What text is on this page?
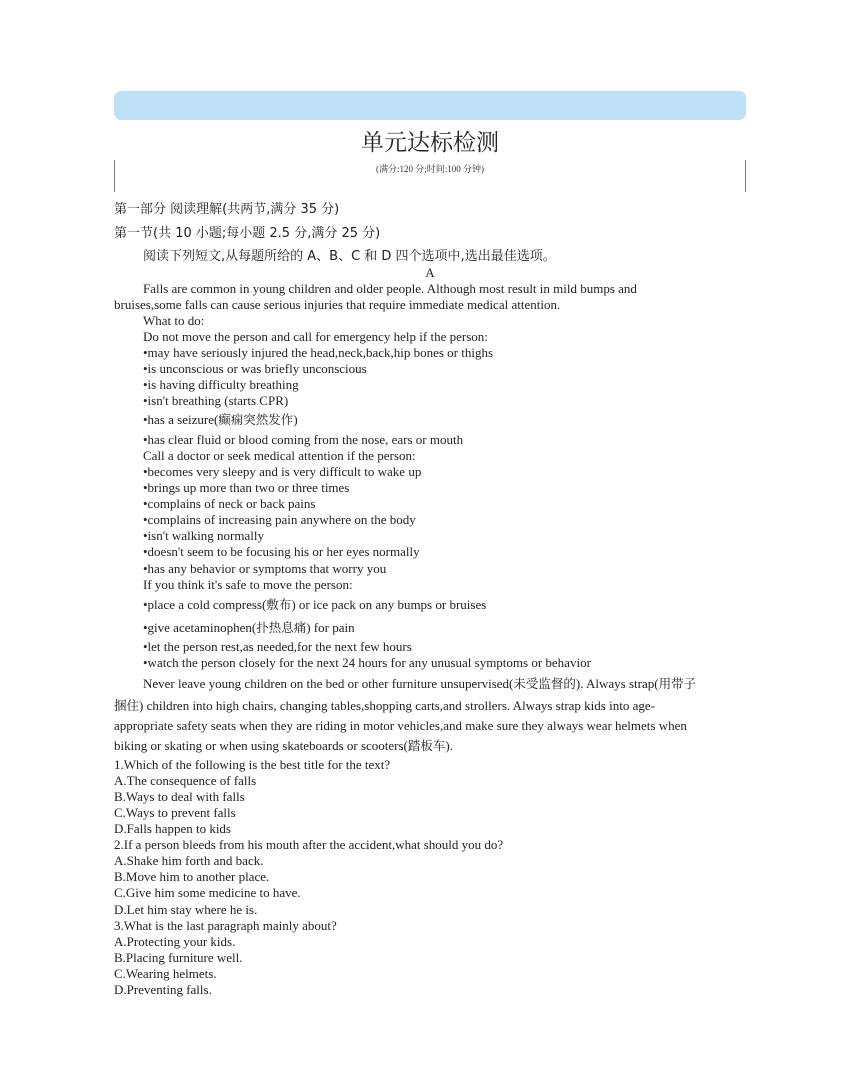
单元达标检测
(满分:120 分;时间:100 分钟)
第一部分 阅读理解(共两节,满分 35 分)
第一节(共 10 小题;每小题 2.5 分,满分 25 分)
阅读下列短文,从每题所给的 A、B、C 和 D 四个选项中,选出最佳选项。
A
Falls are common in young children and older people. Although most result in mild bumps and
bruises,some falls can cause serious injuries that require immediate medical attention.
What to do:
Do not move the person and call for emergency help if the person:
•may have seriously injured the head,neck,back,hip bones or thighs
•is unconscious or was briefly unconscious
•is having difficulty breathing
•isn't breathing (starts CPR)
•has a seizure(癫痫突然发作)
•has clear fluid or blood coming from the nose, ears or mouth
Call a doctor or seek medical attention if the person:
•becomes very sleepy and is very difficult to wake up
•brings up more than two or three times
•complains of neck or back pains
•complains of increasing pain anywhere on the body
•isn't walking normally
•doesn't seem to be focusing his or her eyes normally
•has any behavior or symptoms that worry you
If you think it's safe to move the person:
•place a cold compress(敷布) or ice pack on any bumps or bruises
•give acetaminophen(扑热息痛) for pain
•let the person rest,as needed,for the next few hours
•watch the person closely for the next 24 hours for any unusual symptoms or behavior
Never leave young children on the bed or other furniture unsupervised(未受监督的). Always strap(用带子
捆住) children into high chairs, changing tables,shopping carts,and strollers. Always strap kids into age-
appropriate safety seats when they are riding in motor vehicles,and make sure they always wear helmets when
biking or skating or when using skateboards or scooters(踏板车).
1.Which of the following is the best title for the text?
A.The consequence of falls
B.Ways to deal with falls
C.Ways to prevent falls
D.Falls happen to kids
2.If a person bleeds from his mouth after the accident,what should you do?
A.Shake him forth and back.
B.Move him to another place.
C.Give him some medicine to have.
D.Let him stay where he is.
3.What is the last paragraph mainly about?
A.Protecting your kids.
B.Placing furniture well.
C.Wearing helmets.
D.Preventing falls.
